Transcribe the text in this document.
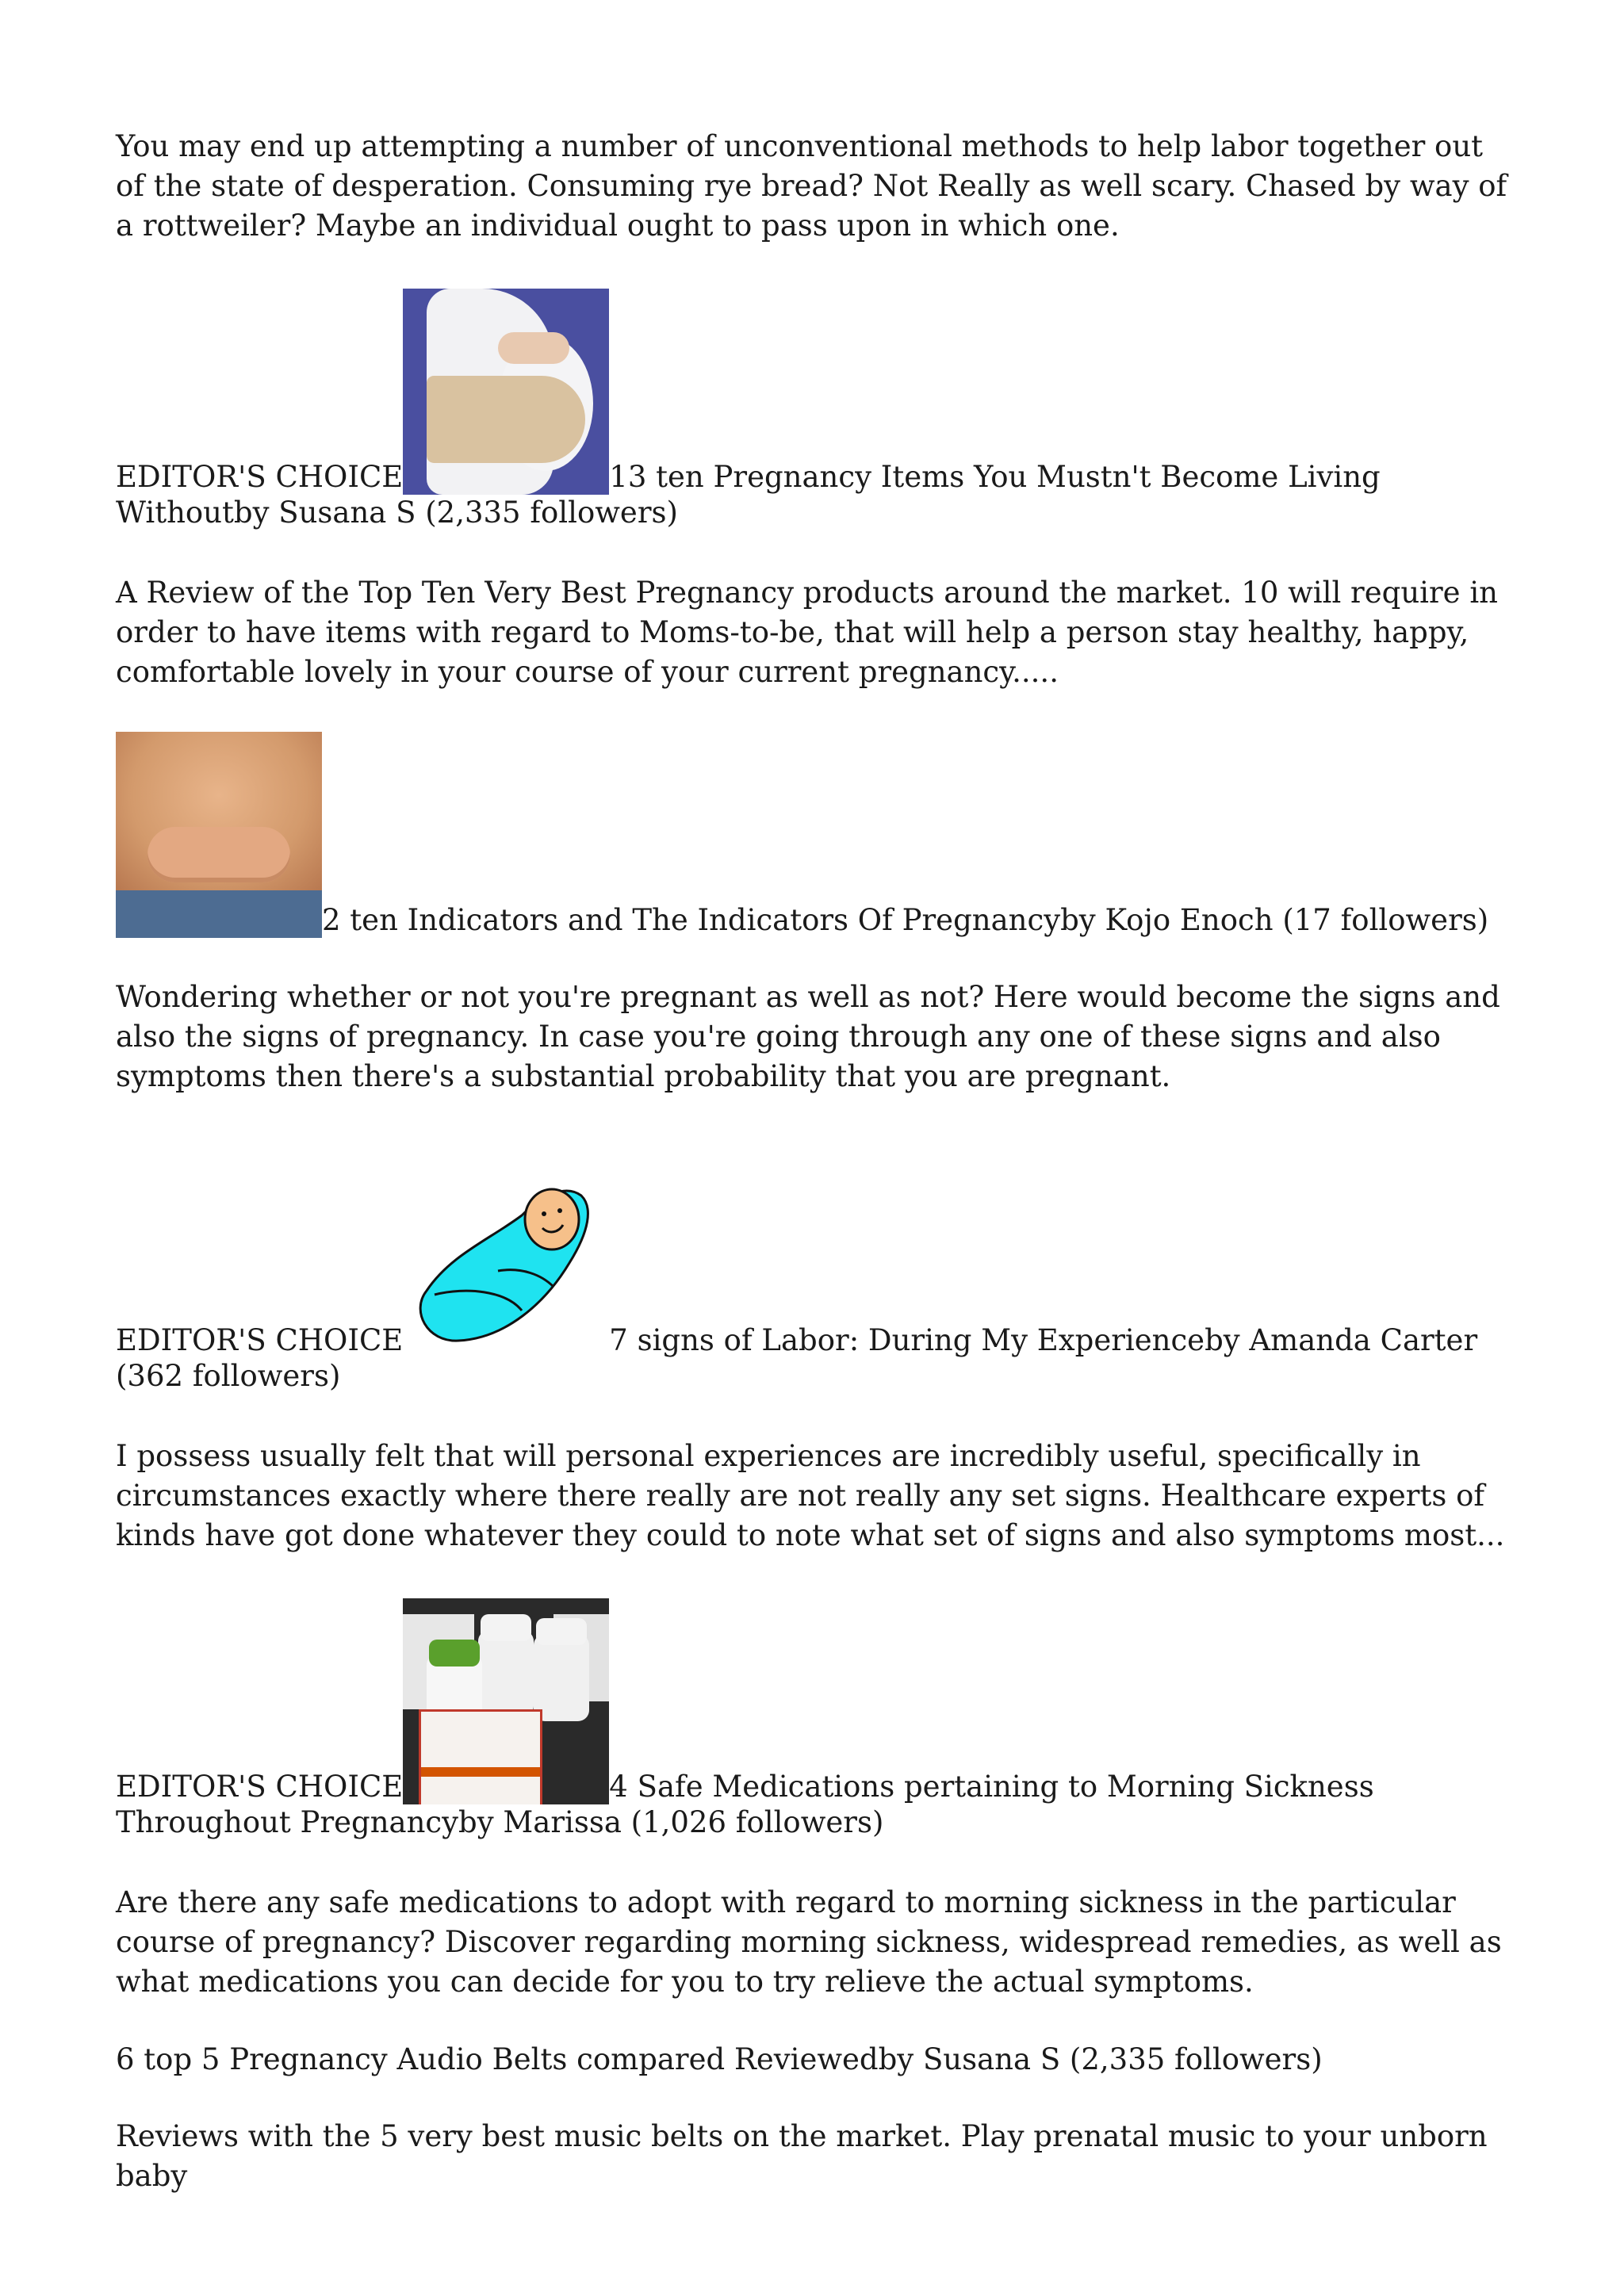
You may end up attempting a number of unconventional methods to help labor together out of the state of desperation. Consuming rye bread? Not Really as well scary. Chased by way of a rottweiler? Maybe an individual ought to pass upon in which one.

EDITOR'S CHOICE	13 ten Pregnancy Items You Mustn't Become Living Withoutby Susana S (2,335 followers)

A Review of the Top Ten Very Best Pregnancy products around the market. 10 will require in order to have items with regard to Moms-to-be, that will help a person stay healthy, happy, comfortable lovely in your course of your current pregnancy.....

2 ten Indicators and The Indicators Of Pregnancyby Kojo Enoch (17 followers)

Wondering whether or not you're pregnant as well as not? Here would become the signs and also the signs of pregnancy. In case you're going through any one of these signs and also symptoms then there's a substantial probability that you are pregnant.

EDITOR'S CHOICE	7 signs of Labor: During My Experienceby Amanda Carter (362 followers)

I possess usually felt that will personal experiences are incredibly useful, specifically in circumstances exactly where there really are not really any set signs. Healthcare experts of kinds have got done whatever they could to note what set of signs and also symptoms most...

EDITOR'S CHOICE	4 Safe Medications pertaining to Morning Sickness Throughout Pregnancyby Marissa (1,026 followers)

Are there any safe medications to adopt with regard to morning sickness in the particular course of pregnancy? Discover regarding morning sickness, widespread remedies, as well as what medications you can decide for you to try relieve the actual symptoms.

6 top 5 Pregnancy Audio Belts compared Reviewedby Susana S (2,335 followers)

Reviews with the 5 very best music belts on the market. Play prenatal music to your unborn baby
